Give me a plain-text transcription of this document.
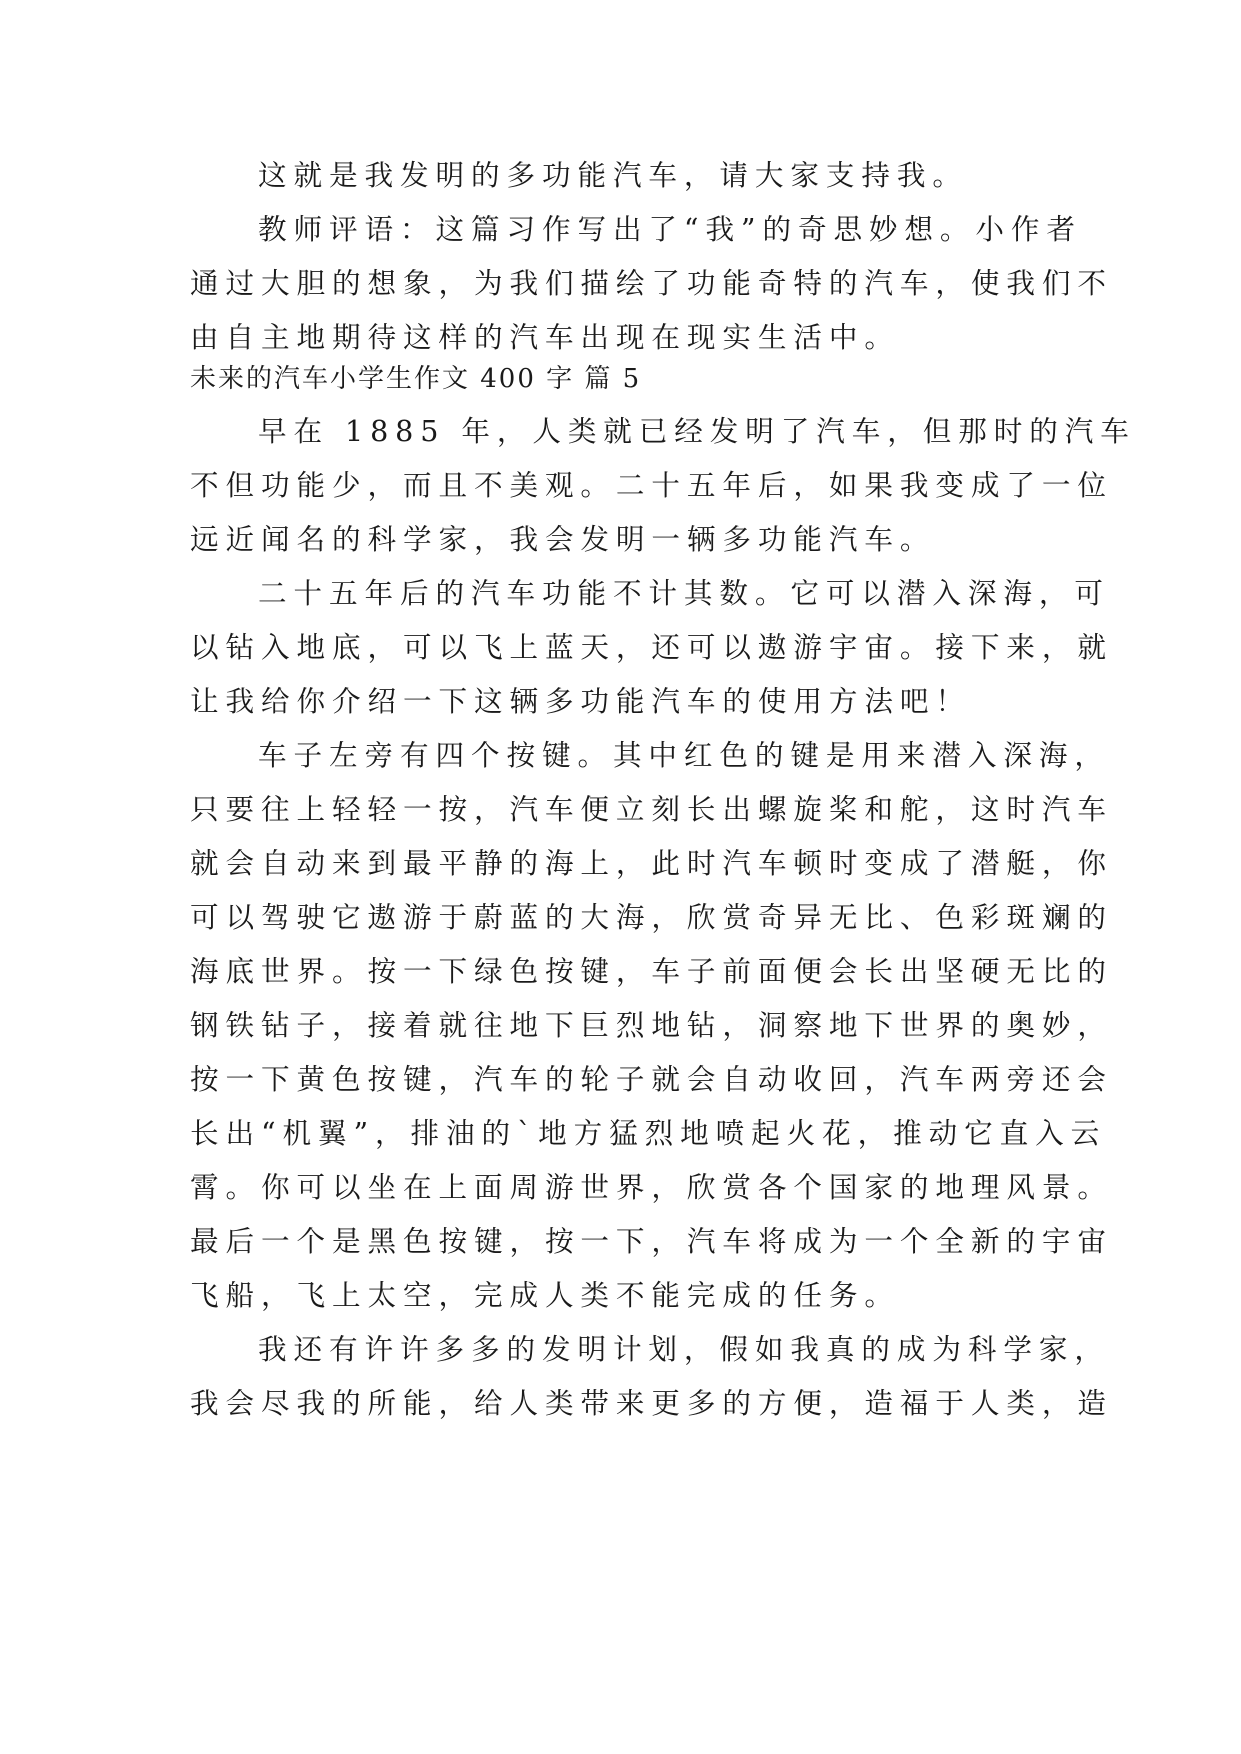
这就是我发明的多功能汽车，请大家支持我。
教师评语：这篇习作写出了“我”的奇思妙想。小作者
通过大胆的想象，为我们描绘了功能奇特的汽车，使我们不
由自主地期待这样的汽车出现在现实生活中。
未来的汽车小学生作文 400 字 篇 5
早在 1885 年，人类就已经发明了汽车，但那时的汽车
不但功能少，而且不美观。二十五年后，如果我变成了一位
远近闻名的科学家，我会发明一辆多功能汽车。
二十五年后的汽车功能不计其数。它可以潜入深海，可
以钻入地底，可以飞上蓝天，还可以遨游宇宙。接下来，就
让我给你介绍一下这辆多功能汽车的使用方法吧！
车子左旁有四个按键。其中红色的键是用来潜入深海，
只要往上轻轻一按，汽车便立刻长出螺旋桨和舵，这时汽车
就会自动来到最平静的海上，此时汽车顿时变成了潜艇，你
可以驾驶它遨游于蔚蓝的大海，欣赏奇异无比、色彩斑斓的
海底世界。按一下绿色按键，车子前面便会长出坚硬无比的
钢铁钻子，接着就往地下巨烈地钻，洞察地下世界的奥妙，
按一下黄色按键，汽车的轮子就会自动收回，汽车两旁还会
长出“机翼”，排油的`地方猛烈地喷起火花，推动它直入云
霄。你可以坐在上面周游世界，欣赏各个国家的地理风景。
最后一个是黑色按键，按一下，汽车将成为一个全新的宇宙
飞船，飞上太空，完成人类不能完成的任务。
我还有许许多多的发明计划，假如我真的成为科学家，
我会尽我的所能，给人类带来更多的方便，造福于人类，造
